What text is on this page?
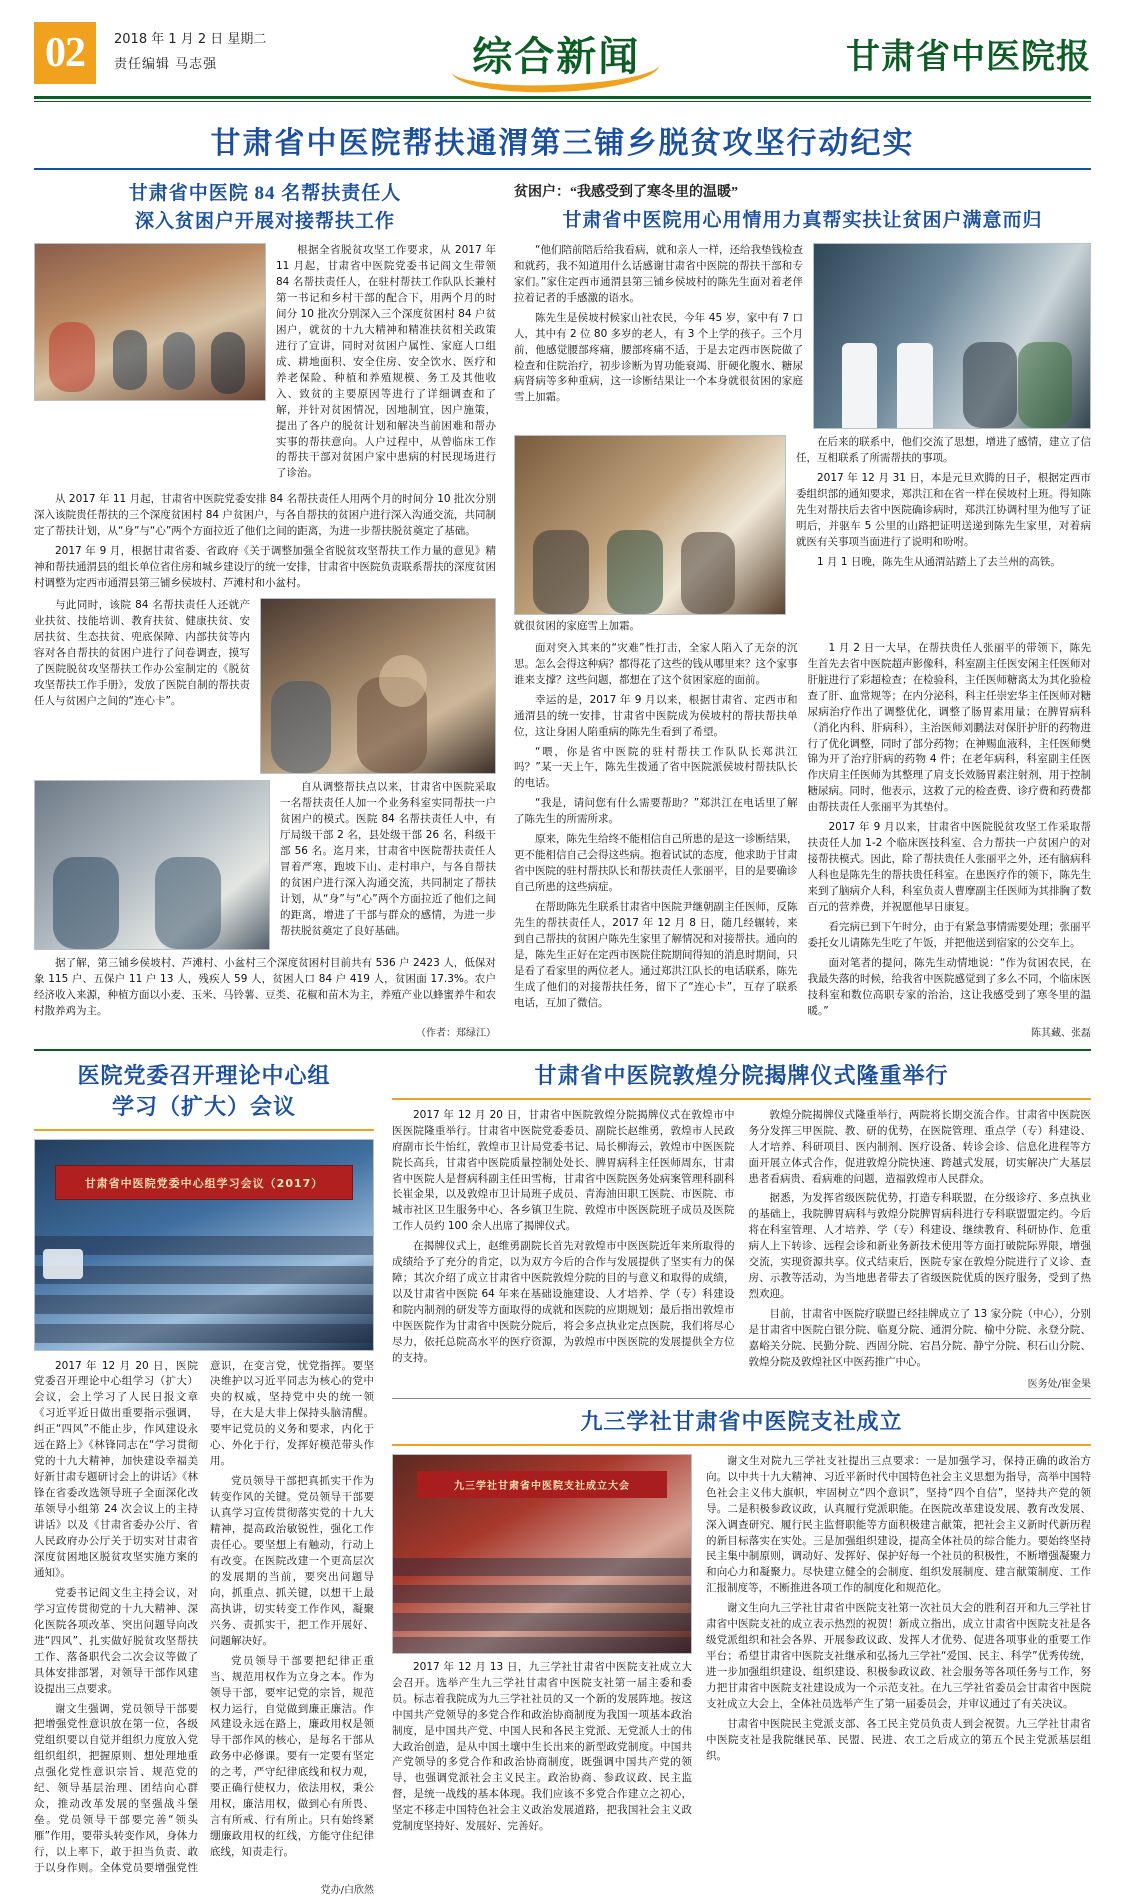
02	2018 年 1 月 2 日 星期二
责任编辑 马志强	综合新闻	甘肃省中医院报
甘肃省中医院帮扶通渭第三铺乡脱贫攻坚行动纪实
甘肃省中医院 84 名帮扶责任人
深入贫困户开展对接帮扶工作

根据全省脱贫攻坚工作要求，从 2017 年 11 月起，甘肃省中医院党委书记阎文生带领 84 名帮扶责任人，在驻村帮扶工作队队长兼村第一书记和乡村干部的配合下，用两个月的时间分 10 批次分别深入三个深度贫困村 84 户贫困户，就贫的十九大精神和精准扶贫相关政策进行了宣讲，同时对贫困户属性、家庭人口组成、耕地面积、安全住房、安全饮水、医疗和养老保险、种植和养殖规模、务工及其他收入、致贫的主要原因等进行了详细调查和了解，并针对贫困情况，因地制宜，因户施策，提出了各户的脱贫计划和解决当前困难和帮办实事的帮扶意向。人户过程中，从曾临床工作的帮扶干部对贫困户家中患病的村民现场进行了诊治。

从 2017 年 11 月起，甘肃省中医院党委安排 84 名帮扶责任人用两个月的时间分 10 批次分别深入该院贵任帮扶的三个深度贫困村 84 户贫困户，与各自帮扶的贫困户进行深入沟通交流，共同制定了帮扶计划，从“身”与“心”两个方面拉近了他们之间的距离，为进一步帮扶脱贫奠定了基础。

2017 年 9 月，根据甘肃省委、省政府《关于调整加强全省脱贫攻坚帮扶工作力量的意见》精神和帮扶通渭县的组长单位省住房和城乡建设厅的统一安排，甘肃省中医院负责联系帮扶的深度贫困村调整为定西市通渭县第三铺乡侯坡村、芦滩村和小盆村。

与此同时，该院 84 名帮扶责任人还就产业扶贫、技能培训、教育扶贫、健康扶贫、安居扶贫、生态扶贫、兜底保障、内部扶贫等内容对各自帮扶的贫困户进行了问卷调查，摸写了医院脱贫攻坚帮扶工作办公室制定的《脱贫攻坚帮扶工作手册》，发放了医院自制的帮扶责任人与贫困户之间的“连心卡”。

自从调整帮扶点以来，甘肃省中医院采取一名帮扶责任人加一个业务科室实同帮扶一户贫困户的模式。医院 84 名帮扶责任人中，有厅局级干部 2 名，县处级干部 26 名，科级干部 56 名。迄月来，甘肃省中医院帮扶责任人冒着严寒，跑坡下山、走村串户，与各自帮扶的贫困户进行深入沟通交流，共同制定了帮扶计划，从“身”与“心”两个方面拉近了他们之间的距离，增进了干部与群众的感情，为进一步帮扶脱贫奠定了良好基础。

据了解，第三铺乡侯坡村、芦滩村、小盆村三个深度贫困村目前共有 536 户 2423 人，低保对象 115 户、五保户 11 户 13 人，残疾人 59 人，贫困人口 84 户 419 人，贫困面 17.3%。农户经济收入来源，种植方面以小麦、玉米、马铃薯、豆类、花椒和苗木为主，养殖产业以蜂蜜养牛和农村散养鸡为主。

（作者：郑绿江）
贫困户：“我感受到了寒冬里的温暖”
甘肃省中医院用心用情用力真帮实扶让贫困户满意而归

“他们陪前陪后给我看病，就和亲人一样，还给我垫钱检查和就药，我不知道用什么话感谢甘肃省中医院的帮扶干部和专家们。”家住定西市通渭县第三铺乡侯坡村的陈先生面对着老伴拉着记者的手感激的语水。

陈先生是侯坡村候家山社农民，今年 45 岁，家中有 7 口人，其中有 2 位 80 多岁的老人，有 3 个上学的孩子。三个月前，他感觉腰部疼痛，腰部疼痛不适，于是去定西市医院做了检查和住院治疗，初步诊断为胃功能衰竭、肝硬化腹水、糖尿病肾病等多种重病，这一诊断结果让一个本身就很贫困的家庭雪上加霜。

就很贫困的家庭雪上加霜。

在后来的联系中，他们交流了思想，增进了感情，建立了信任，互相联系了所需帮扶的事项。

2017 年 12 月 31 日，本是元旦欢腾的日子，根据定西市委组织部的通知要求，郑洪江和在省一样在侯坡村上班。得知陈先生对帮扶后去省中医院确诊病时，郑洪江协调村里为他写了证明后，并驱车 5 公里的山路把证明送递到陈先生家里，对着病就医有关事项当面进行了说明和吩咐。

1 月 1 日晚，陈先生从通渭站踏上了去兰州的高铁。

面对突入其来的“灾难”性打击，全家人陷入了无奈的沉思。怎么会得这种病？都得花了这些的钱从哪里来？这个家事谁来支撑？这些问题，都想在了这个贫困家庭的面前。

幸运的是，2017 年 9 月以来，根据甘肃省、定西市和通渭县的统一安排，甘肃省中医院成为侯坡村的帮扶帮扶单位，这让身困人陷重病的陈先生看到了希望。

“喂，你是省中医院的驻村帮扶工作队队长郑洪江吗？”某一天上午，陈先生拨通了省中医院派侯坡村帮扶队长的电话。

“我是，请问您有什么需要帮助？”郑洪江在电话里了解了陈先生的所需所求。

原来，陈先生给终不能相信自己所患的是这一诊断结果，更不能相信自己会得这些病。抱着试试的态度，他求助于甘肃省中医院的驻村帮扶队长和帮扶责任人张丽平，目的是要确诊自己所患的这些病症。

在帮助陈先生联系甘肃省中医院尹继朝副主任医师，反陈先生的帮扶责任人，2017 年 12 月 8 日，随几经辗转，来到自己帮扶的贫困户陈先生家里了解情况和对接帮扶。通向的是，陈先生正好在定西市医院住院期间得知的消息时期间，只是看了看家里的两位老人。通过郑洪江队长的电话联系，陈先生成了他们的对接帮扶任务，留下了“连心卡”，互存了联系电话，互加了微信。

1 月 2 日一大早，在帮扶贵任人张丽平的带领下，陈先生首先去省中医院超声影像科，科室副主任医安闲主任医师对肝脏进行了彩超检查；在检验科，主任医师糖离太为其化验检查了肝、血常规等；在内分泌科，科主任崇宏华主任医师对糖尿病治疗作出了调整优化，调整了肠胃素用量；在脾胃病科（消化内科、肝病科），主治医师刘鹏法对保肝护肝的药物进行了优化调整，同时了部分药物；在神赐血液科，主任医师樊锦为开了治疗肝病的药物 4 件；在老年病科，科室副主任医作庆肩主任医师为其整理了肩支长效肠胃素注射剂，用于控制糖尿病。同时，他表示，这救了元的检查费、诊疗费和药费都由帮扶责任人张丽平为其垫付。

2017 年 9 月以来，甘肃省中医院脱贫攻坚工作采取帮扶责任人加 1-2 个临床医技科室、合力帮扶一户贫困户的对接帮扶模式。因此，除了帮扶贵任人张丽平之外，还有脑病科人科也是陈先生的帮扶贵任科室。在患医疗作的领下，陈先生来到了脑病介人科，科室负责人曹摩副主任医师为其排胸了数百元的营养费，并祝愿他早日康复。

看完病已到下午时分，由于有紧急事情需要处理；张丽平委托女儿请陈先生吃了午饭，并把他送到宿家的公交车上。

面对笔者的提问，陈先生动情地说：“作为贫困农民，在我最失落的时候，给我省中医院感觉到了多么不同，个临床医技科室和数位高职专家的治治，这让我感受到了寒冬里的温暖。”

陈其藏、张磊
医院党委召开理论中心组
学习（扩大）会议
甘肃省中医院党委中心组学习会议（2017）

2017 年 12 月 20 日，医院党委召开理论中心组学习（扩大）会议，会上学习了人民日报文章《习近平近日做出重要指示强调，纠正“四风”不能止步，作风建设永远在路上》《林锋同志在“学习贯彻党的十九大精神，加快建设幸福美好新甘肃专题研讨会上的讲话》《林锋在省委改选领导班子全面深化改革领导小组第 24 次会议上的主持讲话》以及《甘肃省委办公厅、省人民政府办公厅关于切实对甘肃省深度贫困地区脱贫攻坚实施方案的通知》。

党委书记阎文生主持会议，对学习宣传贯彻党的十九大精神、深化医院各项改革、突出问题导向改进“四风”、扎实做好脱贫攻坚帮扶工作、落备职代会二次会议等做了具体安排部署，对领导干部作风建设提出三点要求。

谢文生强调，党员领导干部要把增强党性意识放在第一位，各级党组织要以自觉并组织力度放入党组织组织，把握原则、想处理地重点强化党性意识宗旨、规范党的纪、领导基层治理、团结向心群众，推动改革发展的坚强战斗堡垒。党员领导干部要完善“领头雁”作用，要带头转变作风，身体力行，以上率下，敢于担当负责、敢于以身作则。全体党员要增强党性意识，在变言党，忧党指挥。要坚决维护以习近平同志为核心的党中央的权威，坚持党中央的统一领导，在大是大非上保持头脑清醒。要牢记党员的义务和要求，内化于心、外化于行，发挥好模范带头作用。

党员领导干部把真抓实干作为转变作风的关键。党员领导干部要认真学习宣传贯彻落实党的十九大精神，提高政治敏锐性，强化工作责任心。要坚想上有触动，行动上有改变。在医院改建一个更高层次的发展期的当前，要突出问题导向，抓重点、抓关键，以想干上最高执讲，切实转变工作作风，凝聚兴务、责抓实干，把工作开展好、问题解决好。

党员领导干部要把纪律正重当、规范用权作为立身之本。作为领导干部，要牢记党的宗旨，规范权力运行，自觉做到廉正廉洁。作风建设永远在路上，廉政用权是领导干部作风的核心，是每名干部从政务中必修课。要有一定要有坚定的之考，严守纪律底线和权力观，要正确行使权力，依法用权，秉公用权，廉洁用权，做到心有所畏、言有所戒、行有所止。只有始终紧绷廉政用权的红线，方能守住纪律底线，知责走行。

党办/白欣然
甘肃省中医院敦煌分院揭牌仪式隆重举行

2017 年 12 月 20 日，甘肃省中医院敦煌分院揭牌仪式在敦煌市中医医院隆重举行。甘肃省中医院党委委员、副院长赵维勇，敦煌市人民政府副市长牛怡红，敦煌市卫计局党委书记、局长柳海云，敦煌市中医医院院长高兵，甘肃省中医院质量控制处处长、脾胃病科主任医师周东，甘肃省中医院人是督病科副主任田雪梅，甘肃省中医院医务处病案管理科副科长崔金果，以及敦煌市卫计局班子成员、青海油田职工医院、市医院、市城市社区卫生服务中心、各乡镇卫生院、敦煌市中医医院班子成员及医院工作人员约 100 余人出席了揭牌仪式。

在揭牌仪式上，赵维勇副院长首先对敦煌市中医医院近年来所取得的成绩给予了充分的肯定，以为双方今后的合作与发展提供了坚实有力的保障；其次介绍了成立甘肃省中医院敦煌分院的目的与意义和取得的成绩，以及甘肃省中医院 64 年来在基础设施建设、人才培养、学（专）科建设和院内制剂的研发等方面取得的成就和医院的应期规划；最后指出敦煌市中医医院作为甘肃省中医院分院后，将会多点执业定点医院，我们将尽心尽力，依托总院高水平的医疗资源，为敦煌市中医医院的发展提供全方位的支持。

敦煌分院揭牌仪式隆重举行，两院将长期交流合作。甘肃省中医院医务分发挥三甲医院、教、研的优势，在医院管理、重点学（专）科建设、人才培养、科研项目、医内制剂、医疗设备、转诊会诊、信息化进程等方面开展立体式合作，促进敦煌分院快速、跨越式发展，切实解决广大基层患者看病贵、看病难的问题，造福敦煌市人民群众。

据悉，为发挥省级医院优势，打造专科联盟，在分级诊疗、多点执业的基础上，我院脾胃病科与敦煌分院脾胃病科进行专科联盟盟定约。今后将在科室管理、人才培养、学（专）科建设、继续教育、科研协作、危重病人上下转诊、远程会诊和新业务新技术使用等方面打破院际界限，增强交流，实现资源共享。仪式结束后，医院专家在敦煌分院进行了义诊、查房、示教等活动，为当地患者带去了省级医院优质的医疗服务，受到了热烈欢迎。

目前，甘肃省中医院疗联盟已经挂牌成立了 13 家分院（中心），分别是甘肃省中医院白银分院、临夏分院、通渭分院、榆中分院、永登分院、嘉峪关分院、民勤分院、西固分院、宕昌分院、静宁分院、积石山分院、敦煌分院及敦煌社区中医药推广中心。

医务处/崔金果
九三学社甘肃省中医院支社成立
九三学社甘肃省中医院支社成立大会

2017 年 12 月 13 日，九三学社甘肃省中医院支社成立大会召开。选举产生九三学社甘肃省中医院支社第一届主委和委员。标志着我院成为九三学社社员的又一个新的发展阵地。按这中国共产党领导的多党合作和政治协商制度为我国一项基本政治制度，是中国共产党、中国人民和各民主党派、无党派人士的伟大政治创造，是从中国土壤中生长出来的新型政党制度。中国共产党领导的多党合作和政治协商制度，既强调中国共产党的领导，也强调党派社会主义民主。政治协商、参政议政、民主监督，是统一战线的基本体现。我们应该不多党合作建立之初心，坚定不移走中国特色社会主义政治发展道路，把我国社会主义政党制度坚持好、发展好、完善好。

谢文生对院九三学社支社提出三点要求：一是加强学习，保持正确的政治方向。以中共十九大精神、习近平新时代中国特色社会主义思想为指导，高举中国特色社会主义伟大旗帜，牢固树立“四个意识”，坚持“四个自信”，坚持共产党的领导。二是积极参政议政，认真履行党派职能。在医院改革建设发展、教育改发展、深入调查研究、履行民主监督职能等方面积极建言献策，把社会主义新时代新历程的新目标落实在实处。三是加强组织建设，提高全体社员的综合能力。要始终坚持民主集中制原则，调动好、发挥好、保护好每一个社员的积极性，不断增强凝聚力和向心力和凝聚力。尽快建立健全的会制度、组织发展制度、建言献策制度、工作汇报制度等，不断推进各项工作的制度化和规范化。

谢文生向九三学社甘肃省中医院支社第一次社员大会的胜利召开和九三学社甘肃省中医院支社的成立表示热烈的祝贺！新成立指出，成立甘肃省中医院支社是各级党派组织和社会各界、开展参政议政、发挥人才优势、促进各项事业的重要工作平台；希望甘肃省中医院支社继承和弘扬九三学社“爱国、民主、科学”优秀传统，进一步加强组织建设、组织建设、积极参政议政、社会服务等各项任务与工作，努力把甘肃省中医院支社建设成为一个示范支社。在九三学社省委员会甘肃省中医院支社成立大会上，全体社员选举产生了第一届委员会，并审议通过了有关决议。

甘肃省中医院民主党派支部、各工民主党员负责人到会祝贺。九三学社甘肃省中医院支社是我院继民革、民盟、民进、农工之后成立的第五个民主党派基层组织。
